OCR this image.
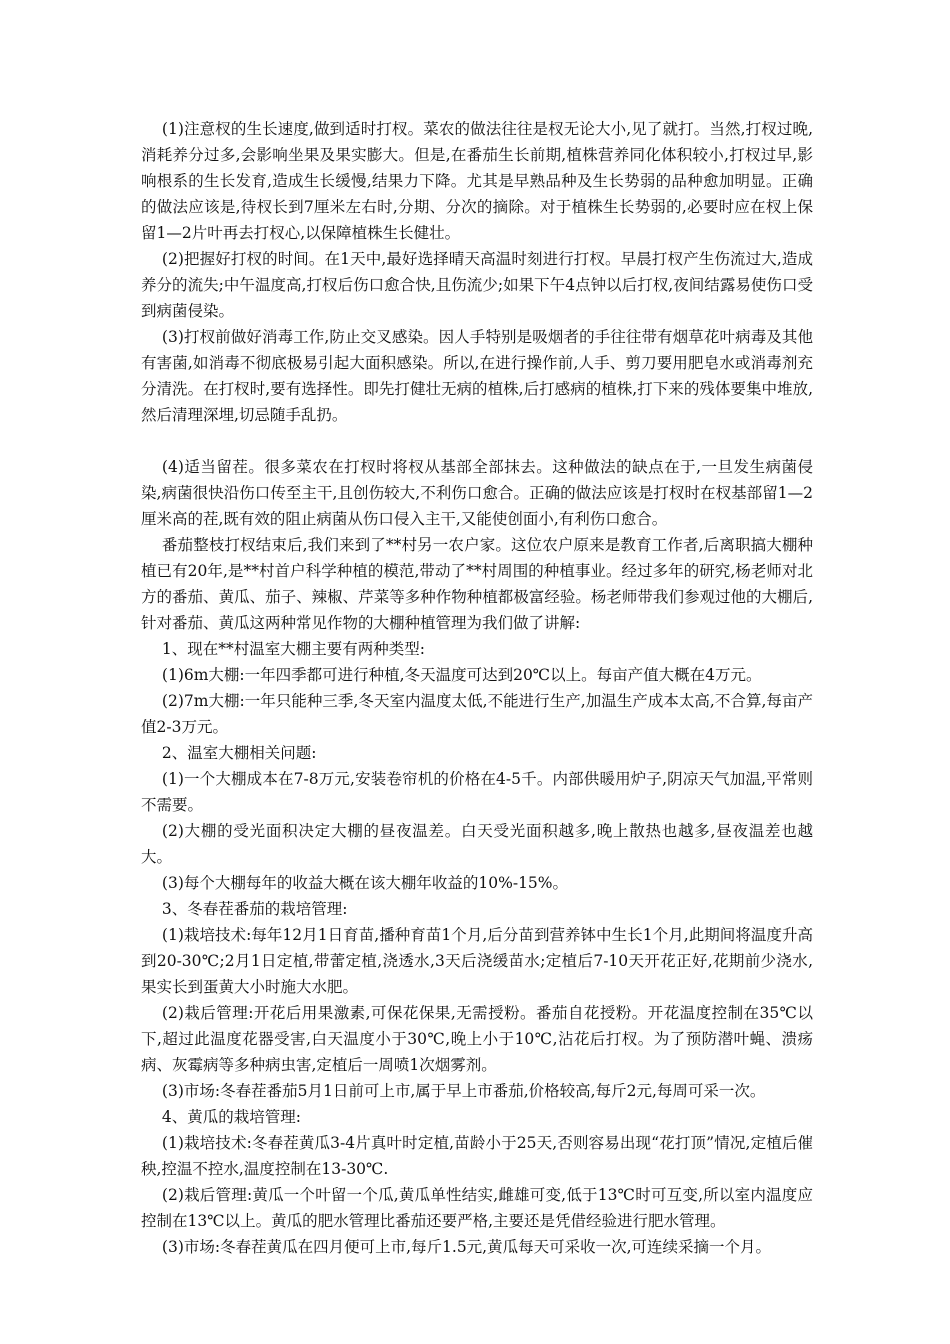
(1)注意杈的生长速度,做到适时打杈。菜农的做法往往是杈无论大小,见了就打。当然,打杈过晚,消耗养分过多,会影响坐果及果实膨大。但是,在番茄生长前期,植株营养同化体积较小,打杈过早,影响根系的生长发育,造成生长缓慢,结果力下降。尤其是早熟品种及生长势弱的品种愈加明显。正确的做法应该是,待杈长到7厘米左右时,分期、分次的摘除。对于植株生长势弱的,必要时应在杈上保留1—2片叶再去打杈心,以保障植株生长健壮。

(2)把握好打杈的时间。在1天中,最好选择晴天高温时刻进行打杈。早晨打杈产生伤流过大,造成养分的流失;中午温度高,打杈后伤口愈合快,且伤流少;如果下午4点钟以后打杈,夜间结露易使伤口受到病菌侵染。

(3)打杈前做好消毒工作,防止交叉感染。因人手特别是吸烟者的手往往带有烟草花叶病毒及其他有害菌,如消毒不彻底极易引起大面积感染。所以,在进行操作前,人手、剪刀要用肥皂水或消毒剂充分清洗。在打杈时,要有选择性。即先打健壮无病的植株,后打感病的植株,打下来的残体要集中堆放,然后清理深埋,切忌随手乱扔。

(4)适当留茬。很多菜农在打杈时将杈从基部全部抹去。这种做法的缺点在于,一旦发生病菌侵染,病菌很快沿伤口传至主干,且创伤较大,不利伤口愈合。正确的做法应该是打杈时在杈基部留1—2厘米高的茬,既有效的阻止病菌从伤口侵入主干,又能使创面小,有利伤口愈合。

番茄整枝打杈结束后,我们来到了**村另一农户家。这位农户原来是教育工作者,后离职搞大棚种植已有20年,是**村首户科学种植的模范,带动了**村周围的种植事业。经过多年的研究,杨老师对北方的番茄、黄瓜、茄子、辣椒、芹菜等多种作物种植都极富经验。杨老师带我们参观过他的大棚后,针对番茄、黄瓜这两种常见作物的大棚种植管理为我们做了讲解:

1、现在**村温室大棚主要有两种类型:

(1)6m大棚:一年四季都可进行种植,冬天温度可达到20℃以上。每亩产值大概在4万元。

(2)7m大棚:一年只能种三季,冬天室内温度太低,不能进行生产,加温生产成本太高,不合算,每亩产值2-3万元。

2、温室大棚相关问题:

(1)一个大棚成本在7-8万元,安装卷帘机的价格在4-5千。内部供暖用炉子,阴凉天气加温,平常则不需要。

(2)大棚的受光面积决定大棚的昼夜温差。白天受光面积越多,晚上散热也越多,昼夜温差也越大。

(3)每个大棚每年的收益大概在该大棚年收益的10%-15%。

3、冬春茬番茄的栽培管理:

(1)栽培技术:每年12月1日育苗,播种育苗1个月,后分苗到营养钵中生长1个月,此期间将温度升高到20-30℃;2月1日定植,带蕾定植,浇透水,3天后浇缓苗水;定植后7-10天开花正好,花期前少浇水,果实长到蛋黄大小时施大水肥。

(2)栽后管理:开花后用果激素,可保花保果,无需授粉。番茄自花授粉。开花温度控制在35℃以下,超过此温度花器受害,白天温度小于30℃,晚上小于10℃,沾花后打杈。为了预防潜叶蝇、溃疡病、灰霉病等多种病虫害,定植后一周喷1次烟雾剂。

(3)市场:冬春茬番茄5月1日前可上市,属于早上市番茄,价格较高,每斤2元,每周可采一次。

4、黄瓜的栽培管理:

(1)栽培技术:冬春茬黄瓜3-4片真叶时定植,苗龄小于25天,否则容易出现“花打顶”情况,定植后催秧,控温不控水,温度控制在13-30℃.

(2)栽后管理:黄瓜一个叶留一个瓜,黄瓜单性结实,雌雄可变,低于13℃时可互变,所以室内温度应控制在13℃以上。黄瓜的肥水管理比番茄还要严格,主要还是凭借经验进行肥水管理。

(3)市场:冬春茬黄瓜在四月便可上市,每斤1.5元,黄瓜每天可采收一次,可连续采摘一个月。
